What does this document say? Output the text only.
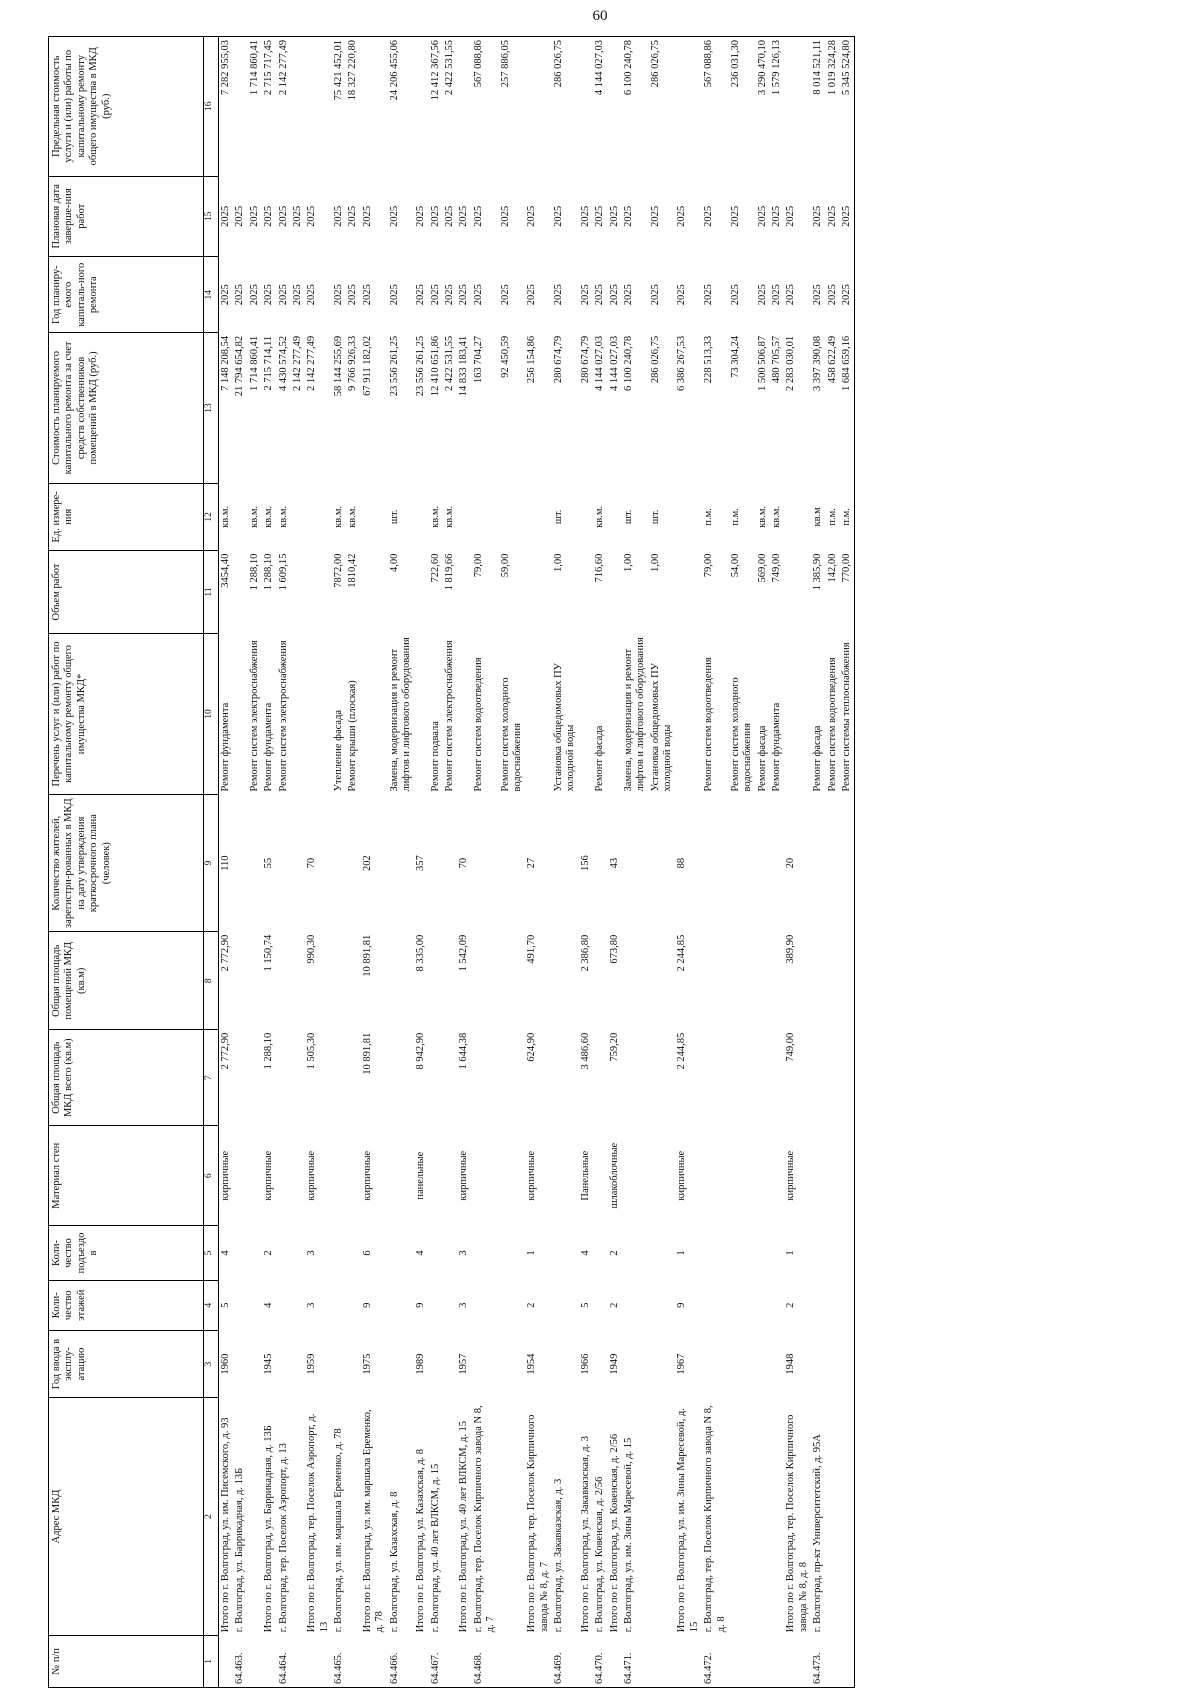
60
№ п/п	Адрес МКД	Год ввода в эксплу-атацию	Коли-чество этажей	Коли-чество подъездо в	Материал стен	Общая площадь МКД всего (кв.м)	Общая площадь помещений МКД (кв.м)	Количество жителей, зарегистри-рованных в МКД на дату утверждения краткосрочного плана (человек)	Перечень услуг и (или) работ по капитальному ремонту общего имущества МКД*	Объем работ	Ед. измере-ния	Стоимость планируемого капитального ремонта за счет средств собственников помещений в МКД (руб.)	Год планиру-емого капиталь-ного ремонта	Плановая дата заверше-ния работ	Предельная стоимость услуги и (или) работы по капитальному ремонту общего имущества в МКД (руб.)
1	2	3	4	5	6	7	8	9	10	11	12	13	14	15	16
	Итого по г. Волгоград, ул. им. Писемского, д. 93	1960	5	4	кирпичные	2 772,90	2 772,90	110	Ремонт фундамента	3454,40	кв.м.	7 148 208,54	2025	2025	7 282 955,03
64.463.	г. Волгоград, ул. Баррикадная, д. 13Б											21 794 654,82	2025	2025	
									Ремонт систем электроснабжения	1 288,10	кв.м.	1 714 860,41	2025	2025	1 714 860,41
	Итого по г. Волгоград, ул. Баррикадная, д. 13Б	1945	4	2	кирпичные	1 288,10	1 150,74	55	Ремонт фундамента	1 288,10	кв.м.	2 715 714,11	2025	2025	2 715 717,45
64.464.	г. Волгоград, тер. Поселок Аэропорт, д. 13								Ремонт систем электроснабжения	1 609,15	кв.м.	4 430 574,52	2025	2025	2 142 277,49
												2 142 277,49	2025	2025	
	Итого по г. Волгоград, тер. Поселок Аэропорт, д. 13	1959	3	3	кирпичные	1 505,30	990,30	70				2 142 277,49	2025	2025	
64.465.	г. Волгоград, ул. им. маршала Еременко, д. 78								Утепление фасада	7872,00	кв.м.	58 144 255,69	2025	2025	75 421 452,01
									Ремонт крыши (плоская)	1810,42	кв.м.	9 766 926,33	2025	2025	18 327 220,80
	Итого по г. Волгоград, ул. им. маршала Еременко, д. 78	1975	9	6	кирпичные	10 891,81	10 891,81	202				67 911 182,02	2025	2025	
64.466.	г. Волгоград, ул. Казахская, д. 8								Замена, модернизация и ремонт лифтов и лифтового оборудования	4,00	шт.	23 556 261,25	2025	2025	24 206 455,06
	Итого по г. Волгоград, ул. Казахская, д. 8	1989	9	4	панельные	8 942,90	8 335,00	357				23 556 261,25	2025	2025	
64.467.	г. Волгоград, ул. 40 лет ВЛКСМ, д. 15								Ремонт подвала	722,60	кв.м.	12 410 651,86	2025	2025	12 412 367,56
									Ремонт систем электроснабжения	1 819,66	кв.м.	2 422 531,55	2025	2025	2 422 531,55
	Итого по г. Волгоград, ул. 40 лет ВЛКСМ, д. 15	1957	3	3	кирпичные	1 644,38	1 542,09	70				14 833 183,41	2025	2025	
64.468.	г. Волгоград, тер. Поселок Кирпичного завода N 8, д. 7								Ремонт систем водоотведения	79,00		163 704,27	2025	2025	567 088,86
									Ремонт систем холодного водоснабжения	59,00		92 450,59	2025	2025	257 886,05
	Итого по г. Волгоград, тер. Поселок Кирпичного завода № 8, д. 7	1954	2	1	кирпичные	624,90	491,70	27				256 154,86	2025	2025	
64.469.	г. Волгоград, ул. Закавказская, д. 3								Установка общедомовых ПУ холодной воды	1,00	шт.	280 674,79	2025	2025	286 026,75
	Итого по г. Волгоград, ул. Закавказская, д. 3	1966	5	4	Панельные	3 486,60	2 386,80	156				280 674,79	2025	2025	
64.470.	г. Волгоград, ул. Ковенская, д. 2/56								Ремонт фасада	716,60	кв.м.	4 144 027,03	2025	2025	4 144 027,03
	Итого по г. Волгоград, ул. Ковенская, д. 2/56	1949	2	2	шлакоблочные	759,20	673,80	43				4 144 027,03	2025	2025	
64.471.	г. Волгоград, ул. им. Зины Маресевой, д. 15								Замена, модернизация и ремонт лифтов и лифтового оборудования	1,00	шт.	6 100 240,78	2025	2025	6 100 240,78
									Установка общедомовых ПУ холодной воды	1,00	шт.	286 026,75	2025	2025	286 026,75
	Итого по г. Волгоград, ул. им. Зины Маресевой, д. 15	1967	9	1	кирпичные	2 244,85	2 244,85	88				6 386 267,53	2025	2025	
64.472.	г. Волгоград, тер. Поселок Кирпичного завода N 8, д. 8								Ремонт систем водоотведения	79,00	п.м.	228 513,33	2025	2025	567 088,86
									Ремонт систем холодного водоснабжения	54,00	п.м.	73 304,24	2025	2025	236 031,30
									Ремонт фасада	569,00	кв.м.	1 500 506,87	2025	2025	3 290 470,10
									Ремонт фундамента	749,00	кв.м.	480 705,57	2025	2025	1 579 126,13
	Итого по г. Волгоград, тер. Поселок Кирпичного завода № 8, д. 8	1948	2	1	кирпичные	749,00	389,90	20				2 283 030,01	2025	2025	
64.473.	г. Волгоград, пр-кт Университетский, д. 95А								Ремонт фасада	1 385,90	кв.м	3 397 390,08	2025	2025	8 014 521,11
									Ремонт систем водоотведения	142,00	п.м.	458 622,49	2025	2025	1 019 324,28
									Ремонт системы теплоснабжения	770,00	п.м.	1 684 659,16	2025	2025	5 345 524,80
